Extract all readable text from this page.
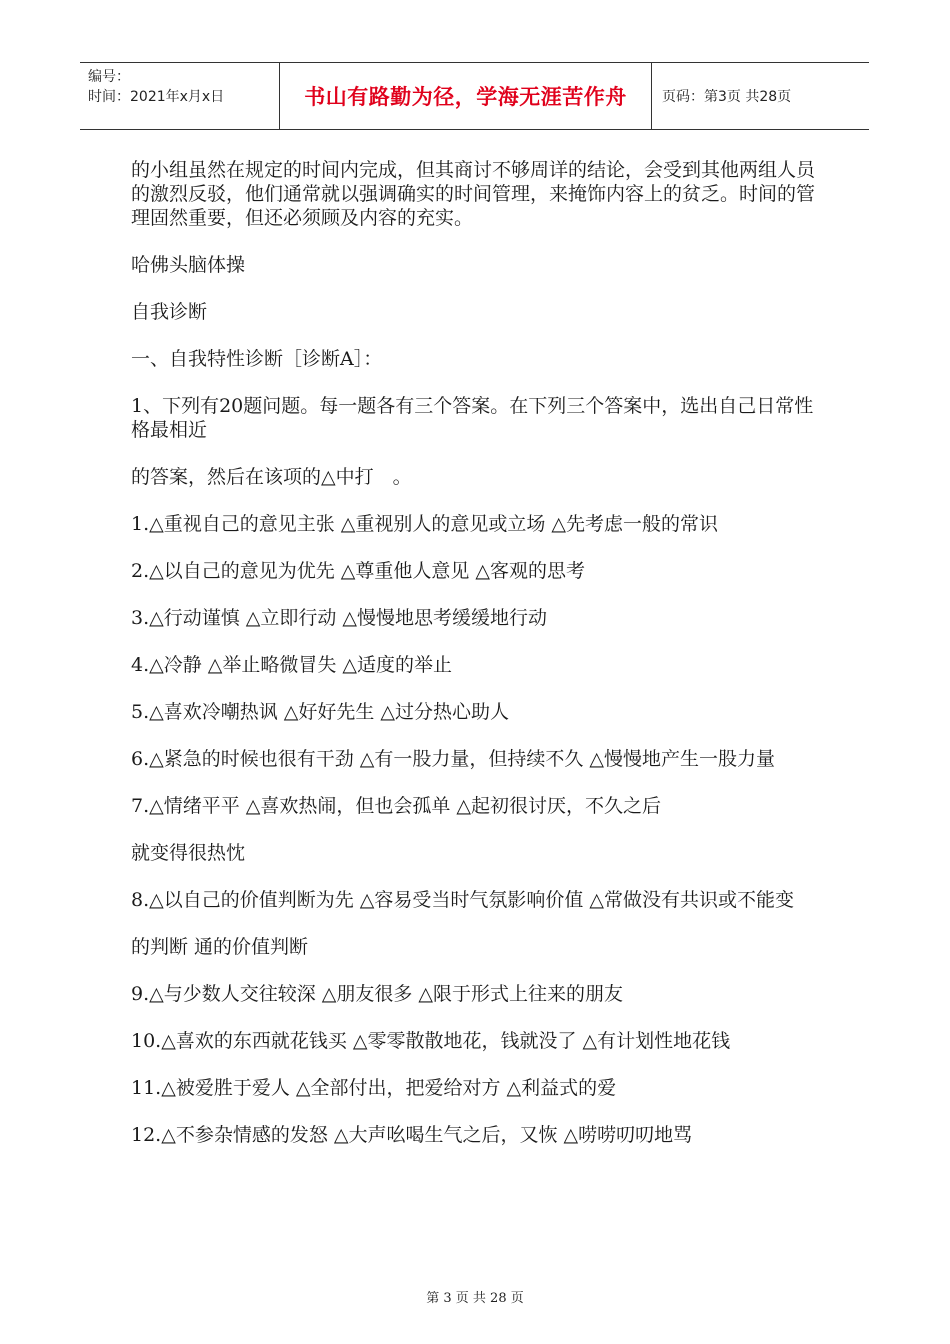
编号：
时间：2021年x月x日	书山有路勤为径，学海无涯苦作舟	页码：第3页 共28页

的小组虽然在规定的时间内完成，但其商讨不够周详的结论，会受到其他两组人员的激烈反驳，他们通常就以强调确实的时间管理，来掩饰内容上的贫乏。时间的管理固然重要，但还必须顾及内容的充实。

哈佛头脑体操

自我诊断

一、自我特性诊断［诊断A］：

1、下列有20题问题。每一题各有三个答案。在下列三个答案中，选出自己日常性格最相近

的答案，然后在该项的△中打　。

1.△重视自己的意见主张 △重视别人的意见或立场 △先考虑一般的常识

2.△以自己的意见为优先 △尊重他人意见 △客观的思考

3.△行动谨慎 △立即行动 △慢慢地思考缓缓地行动

4.△冷静 △举止略微冒失 △适度的举止

5.△喜欢冷嘲热讽 △好好先生 △过分热心助人

6.△紧急的时候也很有干劲 △有一股力量，但持续不久 △慢慢地产生一股力量

7.△情绪平平 △喜欢热闹，但也会孤单 △起初很讨厌，不久之后

就变得很热忱

8.△以自己的价值判断为先 △容易受当时气氛影响价值 △常做没有共识或不能变

的判断 通的价值判断

9.△与少数人交往较深 △朋友很多 △限于形式上往来的朋友

10.△喜欢的东西就花钱买 △零零散散地花，钱就没了 △有计划性地花钱

11.△被爱胜于爱人 △全部付出，把爱给对方 △利益式的爱

12.△不参杂情感的发怒 △大声吆喝生气之后，又恢 △唠唠叨叨地骂

第 3 页 共 28 页
